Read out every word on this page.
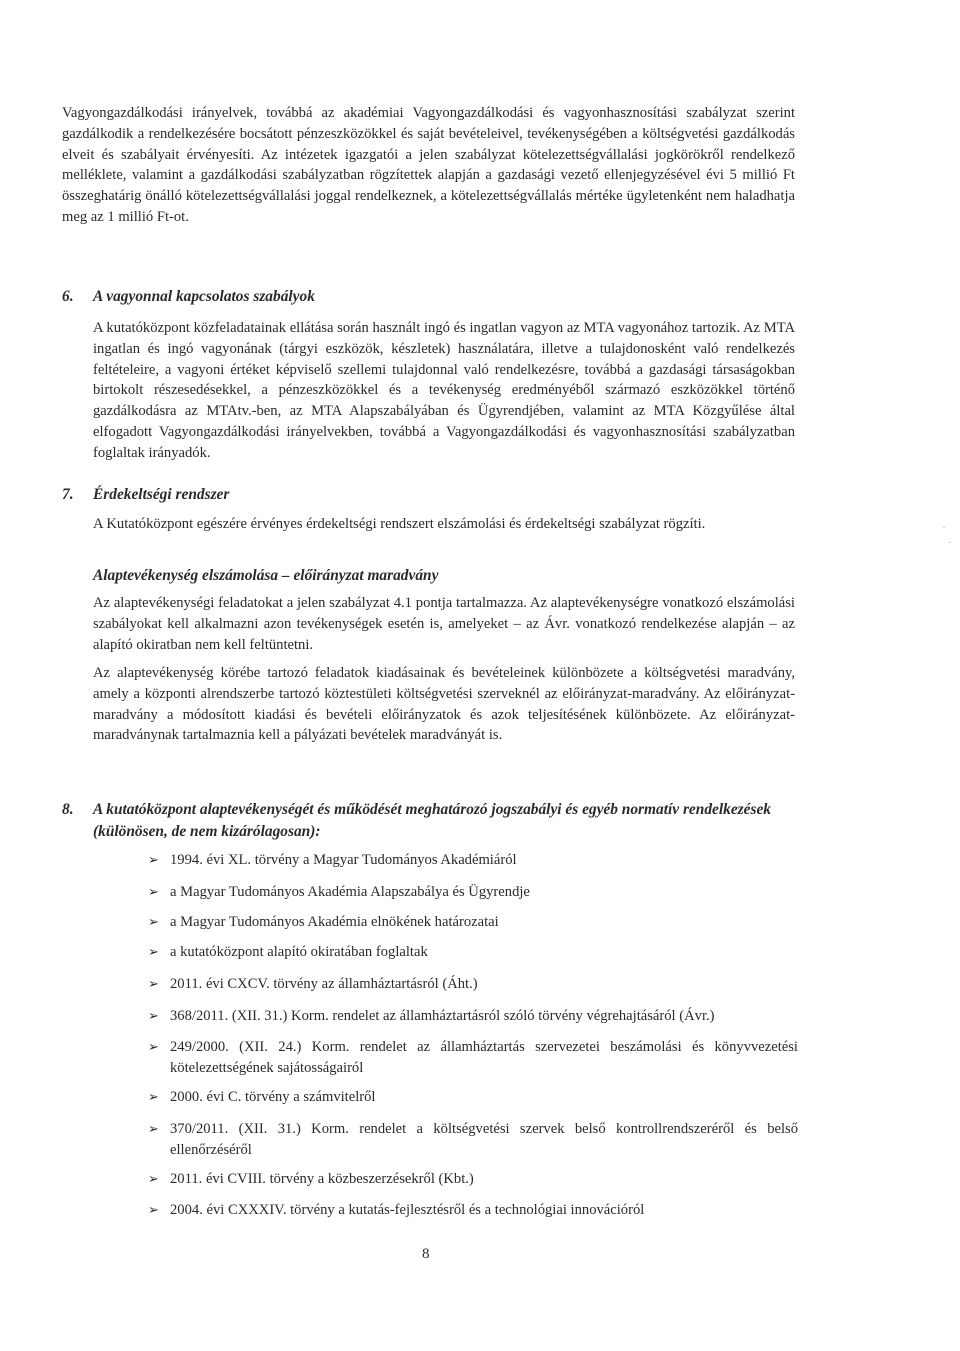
Vagyongazdálkodási irányelvek, továbbá az akadémiai Vagyongazdálkodási és vagyonhasznosítási szabályzat szerint gazdálkodik a rendelkezésére bocsátott pénzeszközökkel és saját bevételeivel, tevékenységében a költségvetési gazdálkodás elveit és szabályait érvényesíti. Az intézetek igazgatói a jelen szabályzat kötelezettségvállalási jogkörökről rendelkező melléklete, valamint a gazdálkodási szabályzatban rögzítettek alapján a gazdasági vezető ellenjegyzésével évi 5 millió Ft összeghatárig önálló kötelezettségvállalási joggal rendelkeznek, a kötelezettségvállalás mértéke ügyletenként nem haladhatja meg az 1 millió Ft-ot.

6. A vagyonnal kapcsolatos szabályok

A kutatóközpont közfeladatainak ellátása során használt ingó és ingatlan vagyon az MTA vagyonához tartozik. Az MTA ingatlan és ingó vagyonának (tárgyi eszközök, készletek) használatára, illetve a tulajdonosként való rendelkezés feltételeire, a vagyoni értéket képviselő szellemi tulajdonnal való rendelkezésre, továbbá a gazdasági társaságokban birtokolt részesedésekkel, a pénzeszközökkel és a tevékenység eredményéből származó eszközökkel történő gazdálkodásra az MTAtv.-ben, az MTA Alapszabályában és Ügyrendjében, valamint az MTA Közgyűlése által elfogadott Vagyongazdálkodási irányelvekben, továbbá a Vagyongazdálkodási és vagyonhasznosítási szabályzatban foglaltak irányadók.

7. Érdekeltségi rendszer

A Kutatóközpont egészére érvényes érdekeltségi rendszert elszámolási és érdekeltségi szabályzat rögzíti.

Alaptevékenység elszámolása – előirányzat maradvány

Az alaptevékenységi feladatokat a jelen szabályzat 4.1 pontja tartalmazza. Az alaptevékenységre vonatkozó elszámolási szabályokat kell alkalmazni azon tevékenységek esetén is, amelyeket – az Ávr. vonatkozó rendelkezése alapján – az alapító okiratban nem kell feltüntetni.

Az alaptevékenység körébe tartozó feladatok kiadásainak és bevételeinek különbözete a költségvetési maradvány, amely a központi alrendszerbe tartozó köztestületi költségvetési szerveknél az előirányzat-maradvány. Az előirányzat-maradvány a módosított kiadási és bevételi előirányzatok és azok teljesítésének különbözete. Az előirányzat-maradványnak tartalmaznia kell a pályázati bevételek maradványát is.

8. A kutatóközpont alaptevékenységét és működését meghatározó jogszabályi és egyéb normatív rendelkezések (különösen, de nem kizárólagosan):

➢ 1994. évi XL. törvény a Magyar Tudományos Akadémiáról
➢ a Magyar Tudományos Akadémia Alapszabálya és Ügyrendje
➢ a Magyar Tudományos Akadémia elnökének határozatai
➢ a kutatóközpont alapító okiratában foglaltak
➢ 2011. évi CXCV. törvény az államháztartásról (Áht.)
➢ 368/2011. (XII. 31.) Korm. rendelet az államháztartásról szóló törvény végrehajtásáról (Ávr.)
➢ 249/2000. (XII. 24.) Korm. rendelet az államháztartás szervezetei beszámolási és könyvvezetési kötelezettségének sajátosságairól
➢ 2000. évi C. törvény a számvitelről
➢ 370/2011. (XII. 31.) Korm. rendelet a költségvetési szervek belső kontrollrendszeréről és belső ellenőrzéséről
➢ 2011. évi CVIII. törvény a közbeszerzésekről (Kbt.)
➢ 2004. évi CXXXIV. törvény a kutatás-fejlesztésről és a technológiai innovációról
8
·
·
